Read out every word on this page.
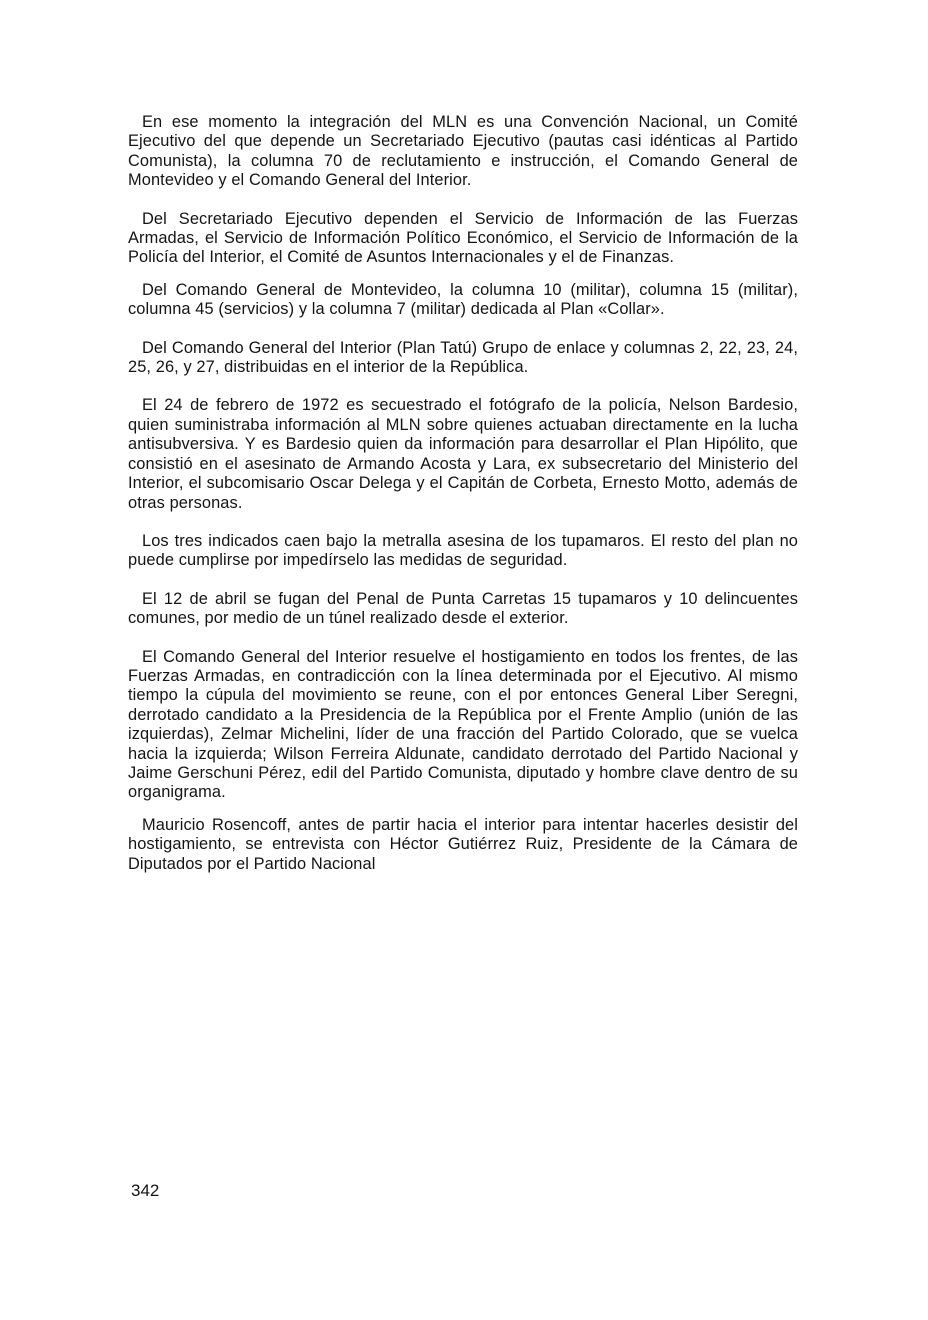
En ese momento la integración del MLN es una Convención Nacional, un Comité Ejecutivo del que depende un Secretariado Ejecutivo (pautas casi idénticas al Partido Comunista), la columna 70 de reclutamiento e instrucción, el Comando General de Montevideo y el Comando General del Interior.

Del Secretariado Ejecutivo dependen el Servicio de Información de las Fuerzas Armadas, el Servicio de Información Político Económico, el Servicio de Información de la Policía del Interior, el Comité de Asuntos Internacionales y el de Finanzas.

Del Comando General de Montevideo, la columna 10 (militar), columna 15 (militar), columna 45 (servicios) y la columna 7 (militar) dedicada al Plan «Collar».

Del Comando General del Interior (Plan Tatú) Grupo de enlace y columnas 2, 22, 23, 24, 25, 26, y 27, distribuidas en el interior de la República.

El 24 de febrero de 1972 es secuestrado el fotógrafo de la policía, Nelson Bardesio, quien suministraba información al MLN sobre quienes actuaban directamente en la lucha antisubversiva. Y es Bardesio quien da información para desarrollar el Plan Hipólito, que consistió en el asesinato de Armando Acosta y Lara, ex subsecretario del Ministerio del Interior, el subcomisario Oscar Delega y el Capitán de Corbeta, Ernesto Motto, además de otras personas.

Los tres indicados caen bajo la metralla asesina de los tupamaros. El resto del plan no puede cumplirse por impedírselo las medidas de seguridad.

El 12 de abril se fugan del Penal de Punta Carretas 15 tupamaros y 10 delincuentes comunes, por medio de un túnel realizado desde el exterior.

El Comando General del Interior resuelve el hostigamiento en todos los frentes, de las Fuerzas Armadas, en contradicción con la línea determinada por el Ejecutivo. Al mismo tiempo la cúpula del movimiento se reune, con el por entonces General Liber Seregni, derrotado candidato a la Presidencia de la República por el Frente Amplio (unión de las izquierdas), Zelmar Michelini, líder de una fracción del Partido Colorado, que se vuelca hacia la izquierda; Wilson Ferreira Aldunate, candidato derrotado del Partido Nacional y Jaime Gerschuni Pérez, edil del Partido Comunista, diputado y hombre clave dentro de su organigrama.

Mauricio Rosencoff, antes de partir hacia el interior para intentar hacerles desistir del hostigamiento, se entrevista con Héctor Gutiérrez Ruiz, Presidente de la Cámara de Diputados por el Partido Nacional

342
